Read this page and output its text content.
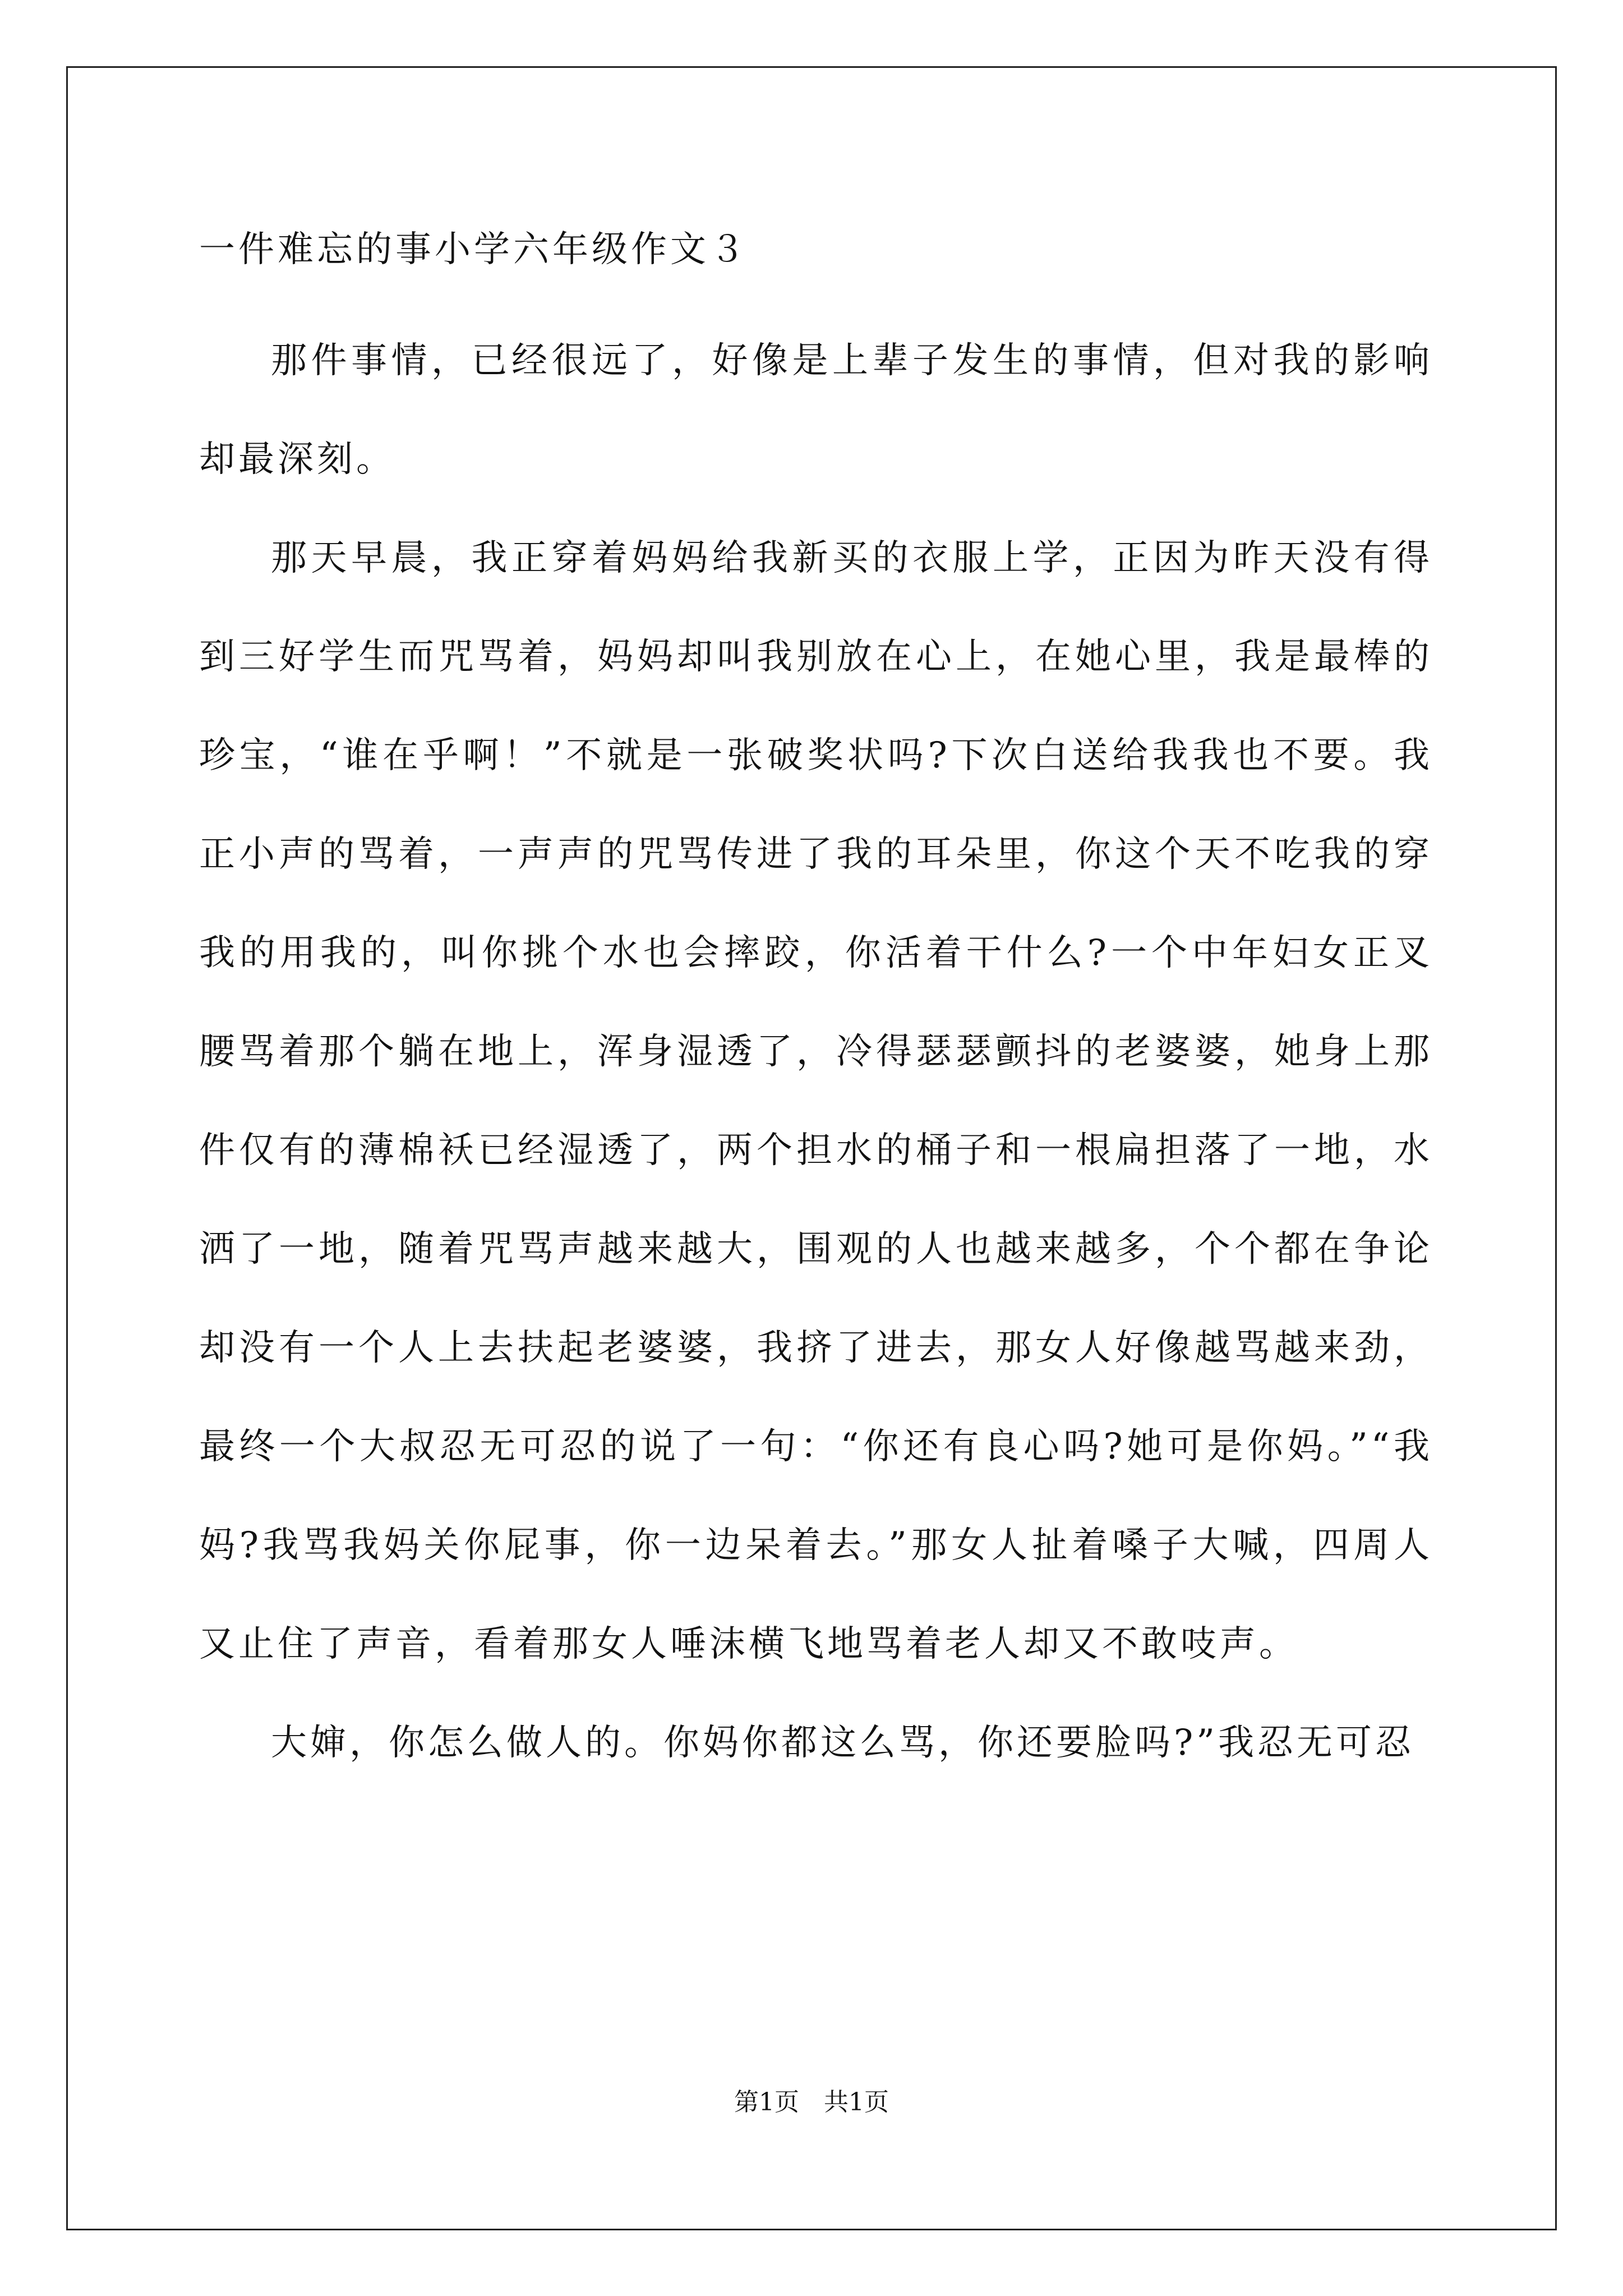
一件难忘的事小学六年级作文３

那件事情，已经很远了，好像是上辈子发生的事情，但对我的影响却最深刻。

那天早晨，我正穿着妈妈给我新买的衣服上学，正因为昨天没有得到三好学生而咒骂着，妈妈却叫我别放在心上，在她心里，我是最棒的珍宝，“谁在乎啊！”不就是一张破奖状吗?下次白送给我我也不要。我正小声的骂着，一声声的咒骂传进了我的耳朵里，你这个天不吃我的穿我的用我的，叫你挑个水也会摔跤，你活着干什么?一个中年妇女正叉腰骂着那个躺在地上，浑身湿透了，冷得瑟瑟颤抖的老婆婆，她身上那件仅有的薄棉袄已经湿透了，两个担水的桶子和一根扁担落了一地，水洒了一地，随着咒骂声越来越大，围观的人也越来越多，个个都在争论却没有一个人上去扶起老婆婆，我挤了进去，那女人好像越骂越来劲，最终一个大叔忍无可忍的说了一句：“你还有良心吗?她可是你妈。”“我妈?我骂我妈关你屁事，你一边呆着去。”那女人扯着嗓子大喊，四周人又止住了声音，看着那女人唾沫横飞地骂着老人却又不敢吱声。

大婶，你怎么做人的。你妈你都这么骂，你还要脸吗?”我忍无可忍

第1页　共1页
